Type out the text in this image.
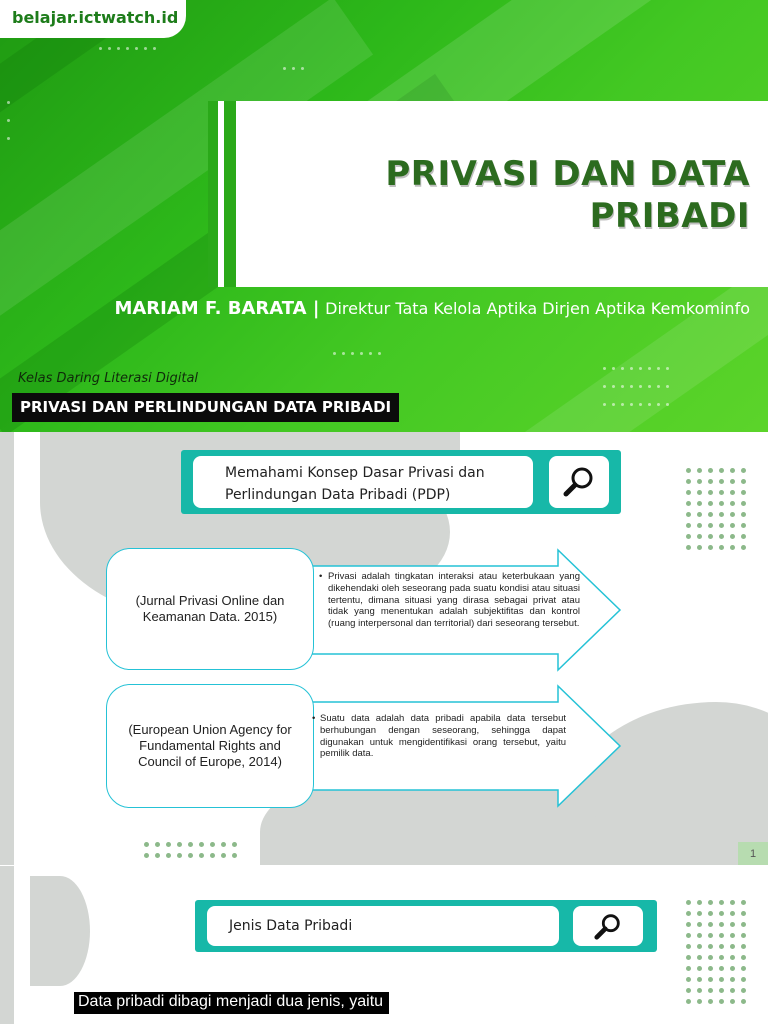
belajar.ictwatch.id
PRIVASI DAN DATA
PRIBADI
MARIAM F. BARATA | Direktur Tata Kelola Aptika Dirjen Aptika Kemkominfo
Kelas Daring Literasi Digital
PRIVASI DAN PERLINDUNGAN DATA PRIBADI
Memahami Konsep Dasar Privasi dan
Perlindungan Data Pribadi (PDP)
(Jurnal Privasi Online dan Keamanan Data. 2015)
• Privasi adalah tingkatan interaksi atau keterbukaan yang dikehendaki oleh seseorang pada suatu kondisi atau situasi tertentu, dimana situasi yang dirasa sebagai privat atau tidak yang menentukan adalah subjektifitas dan kontrol (ruang interpersonal dan territorial) dari seseorang tersebut.
(European Union Agency for Fundamental Rights and Council of Europe, 2014)
• Suatu data adalah data pribadi apabila data tersebut berhubungan dengan seseorang, sehingga dapat digunakan untuk mengidentifikasi orang tersebut, yaitu pemilik data.
1
Jenis Data Pribadi
Data pribadi dibagi menjadi dua jenis, yaitu
